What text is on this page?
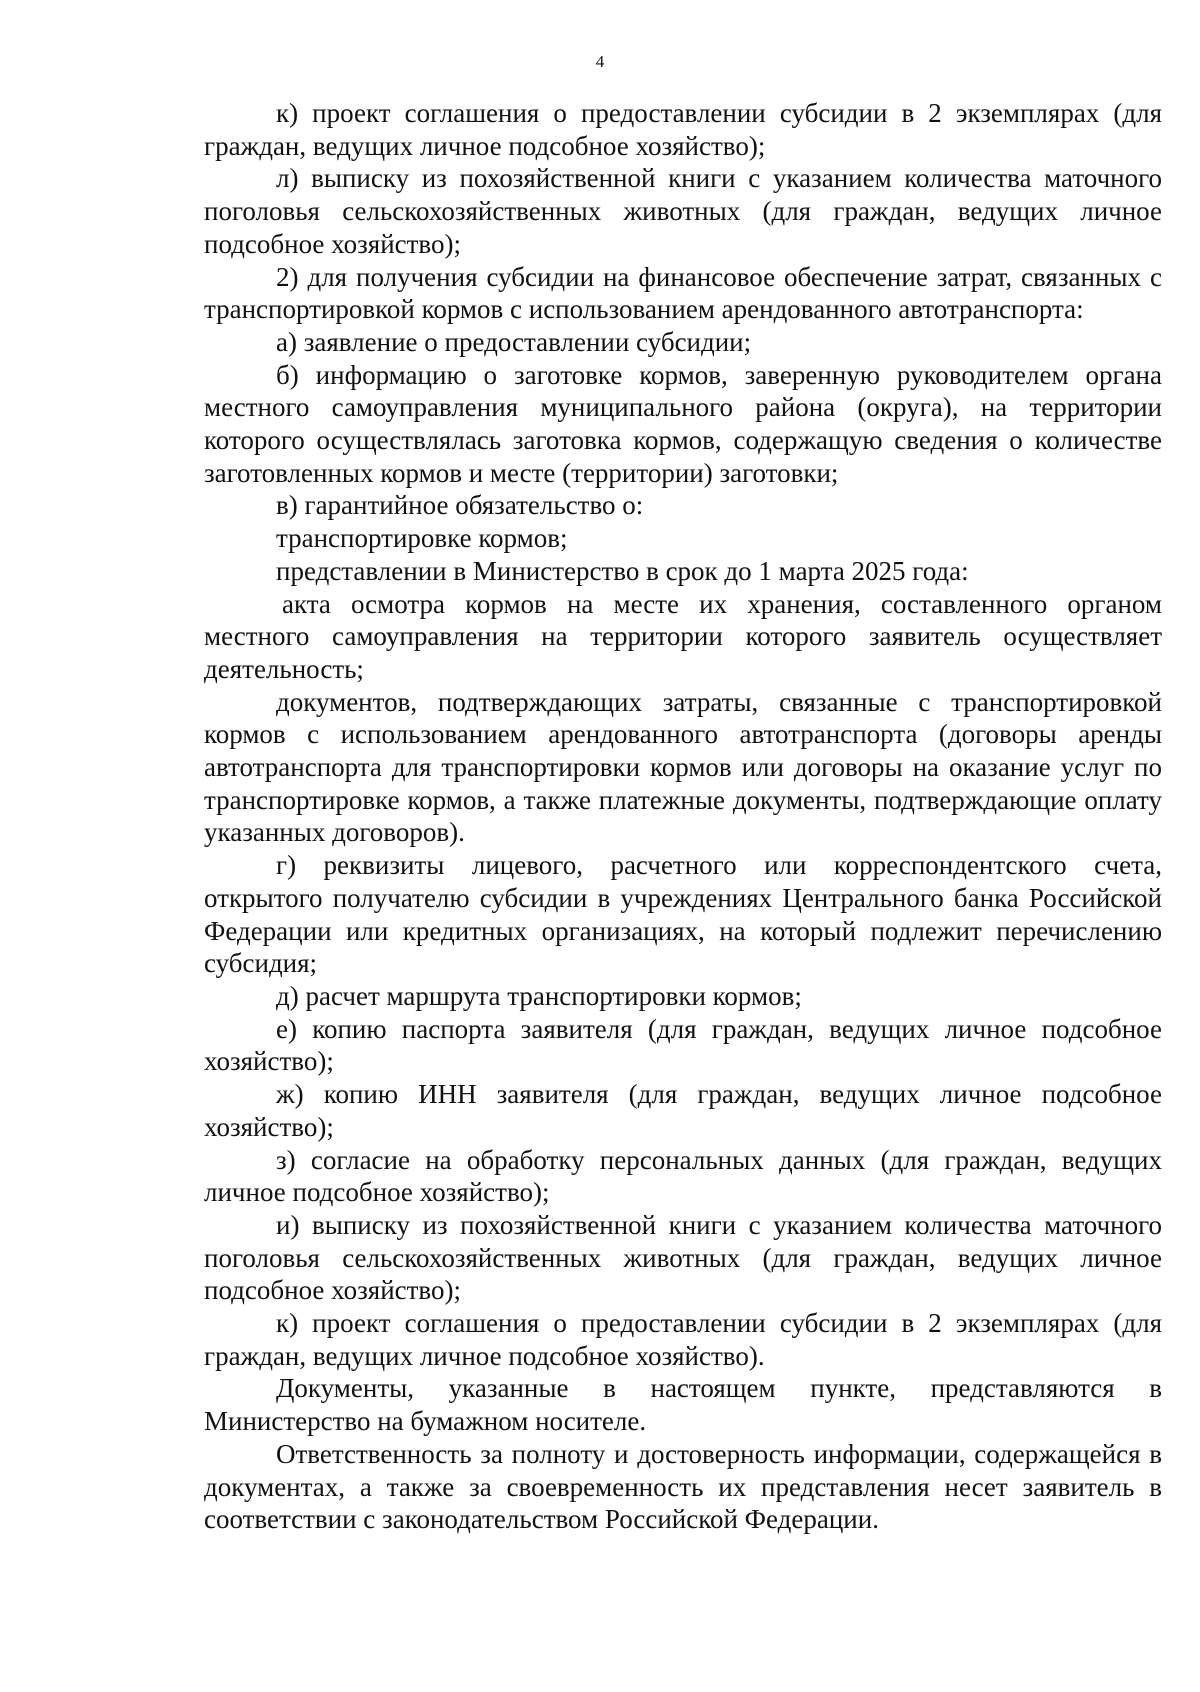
4

к) проект соглашения о предоставлении субсидии в 2 экземплярах (для граждан, ведущих личное подсобное хозяйство);

л) выписку из похозяйственной книги с указанием количества маточного поголовья сельскохозяйственных животных (для граждан, ведущих личное подсобное хозяйство);

2) для получения субсидии на финансовое обеспечение затрат, связанных с транспортировкой кормов с использованием арендованного автотранспорта:

а) заявление о предоставлении субсидии;

б) информацию о заготовке кормов, заверенную руководителем органа местного самоуправления муниципального района (округа), на территории которого осуществлялась заготовка кормов, содержащую сведения о количестве заготовленных кормов и месте (территории) заготовки;

в) гарантийное обязательство о:

транспортировке кормов;

представлении в Министерство в срок до 1 марта 2025 года:

акта осмотра кормов на месте их хранения, составленного органом местного самоуправления на территории которого заявитель осуществляет деятельность;

документов, подтверждающих затраты, связанные с транспортировкой кормов с использованием арендованного автотранспорта (договоры аренды автотранспорта для транспортировки кормов или договоры на оказание услуг по транспортировке кормов, а также платежные документы, подтверждающие оплату указанных договоров).

г) реквизиты лицевого, расчетного или корреспондентского счета, открытого получателю субсидии в учреждениях Центрального банка Российской Федерации или кредитных организациях, на который подлежит перечислению субсидия;

д) расчет маршрута транспортировки кормов;

е) копию паспорта заявителя (для граждан, ведущих личное подсобное хозяйство);

ж) копию ИНН заявителя (для граждан, ведущих личное подсобное хозяйство);

з) согласие на обработку персональных данных (для граждан, ведущих личное подсобное хозяйство);

и) выписку из похозяйственной книги с указанием количества маточного поголовья сельскохозяйственных животных (для граждан, ведущих личное подсобное хозяйство);

к) проект соглашения о предоставлении субсидии в 2 экземплярах (для граждан, ведущих личное подсобное хозяйство).

Документы, указанные в настоящем пункте, представляются в Министерство на бумажном носителе.

Ответственность за полноту и достоверность информации, содержащейся в документах, а также за своевременность их представления несет заявитель в соответствии с законодательством Российской Федерации.
